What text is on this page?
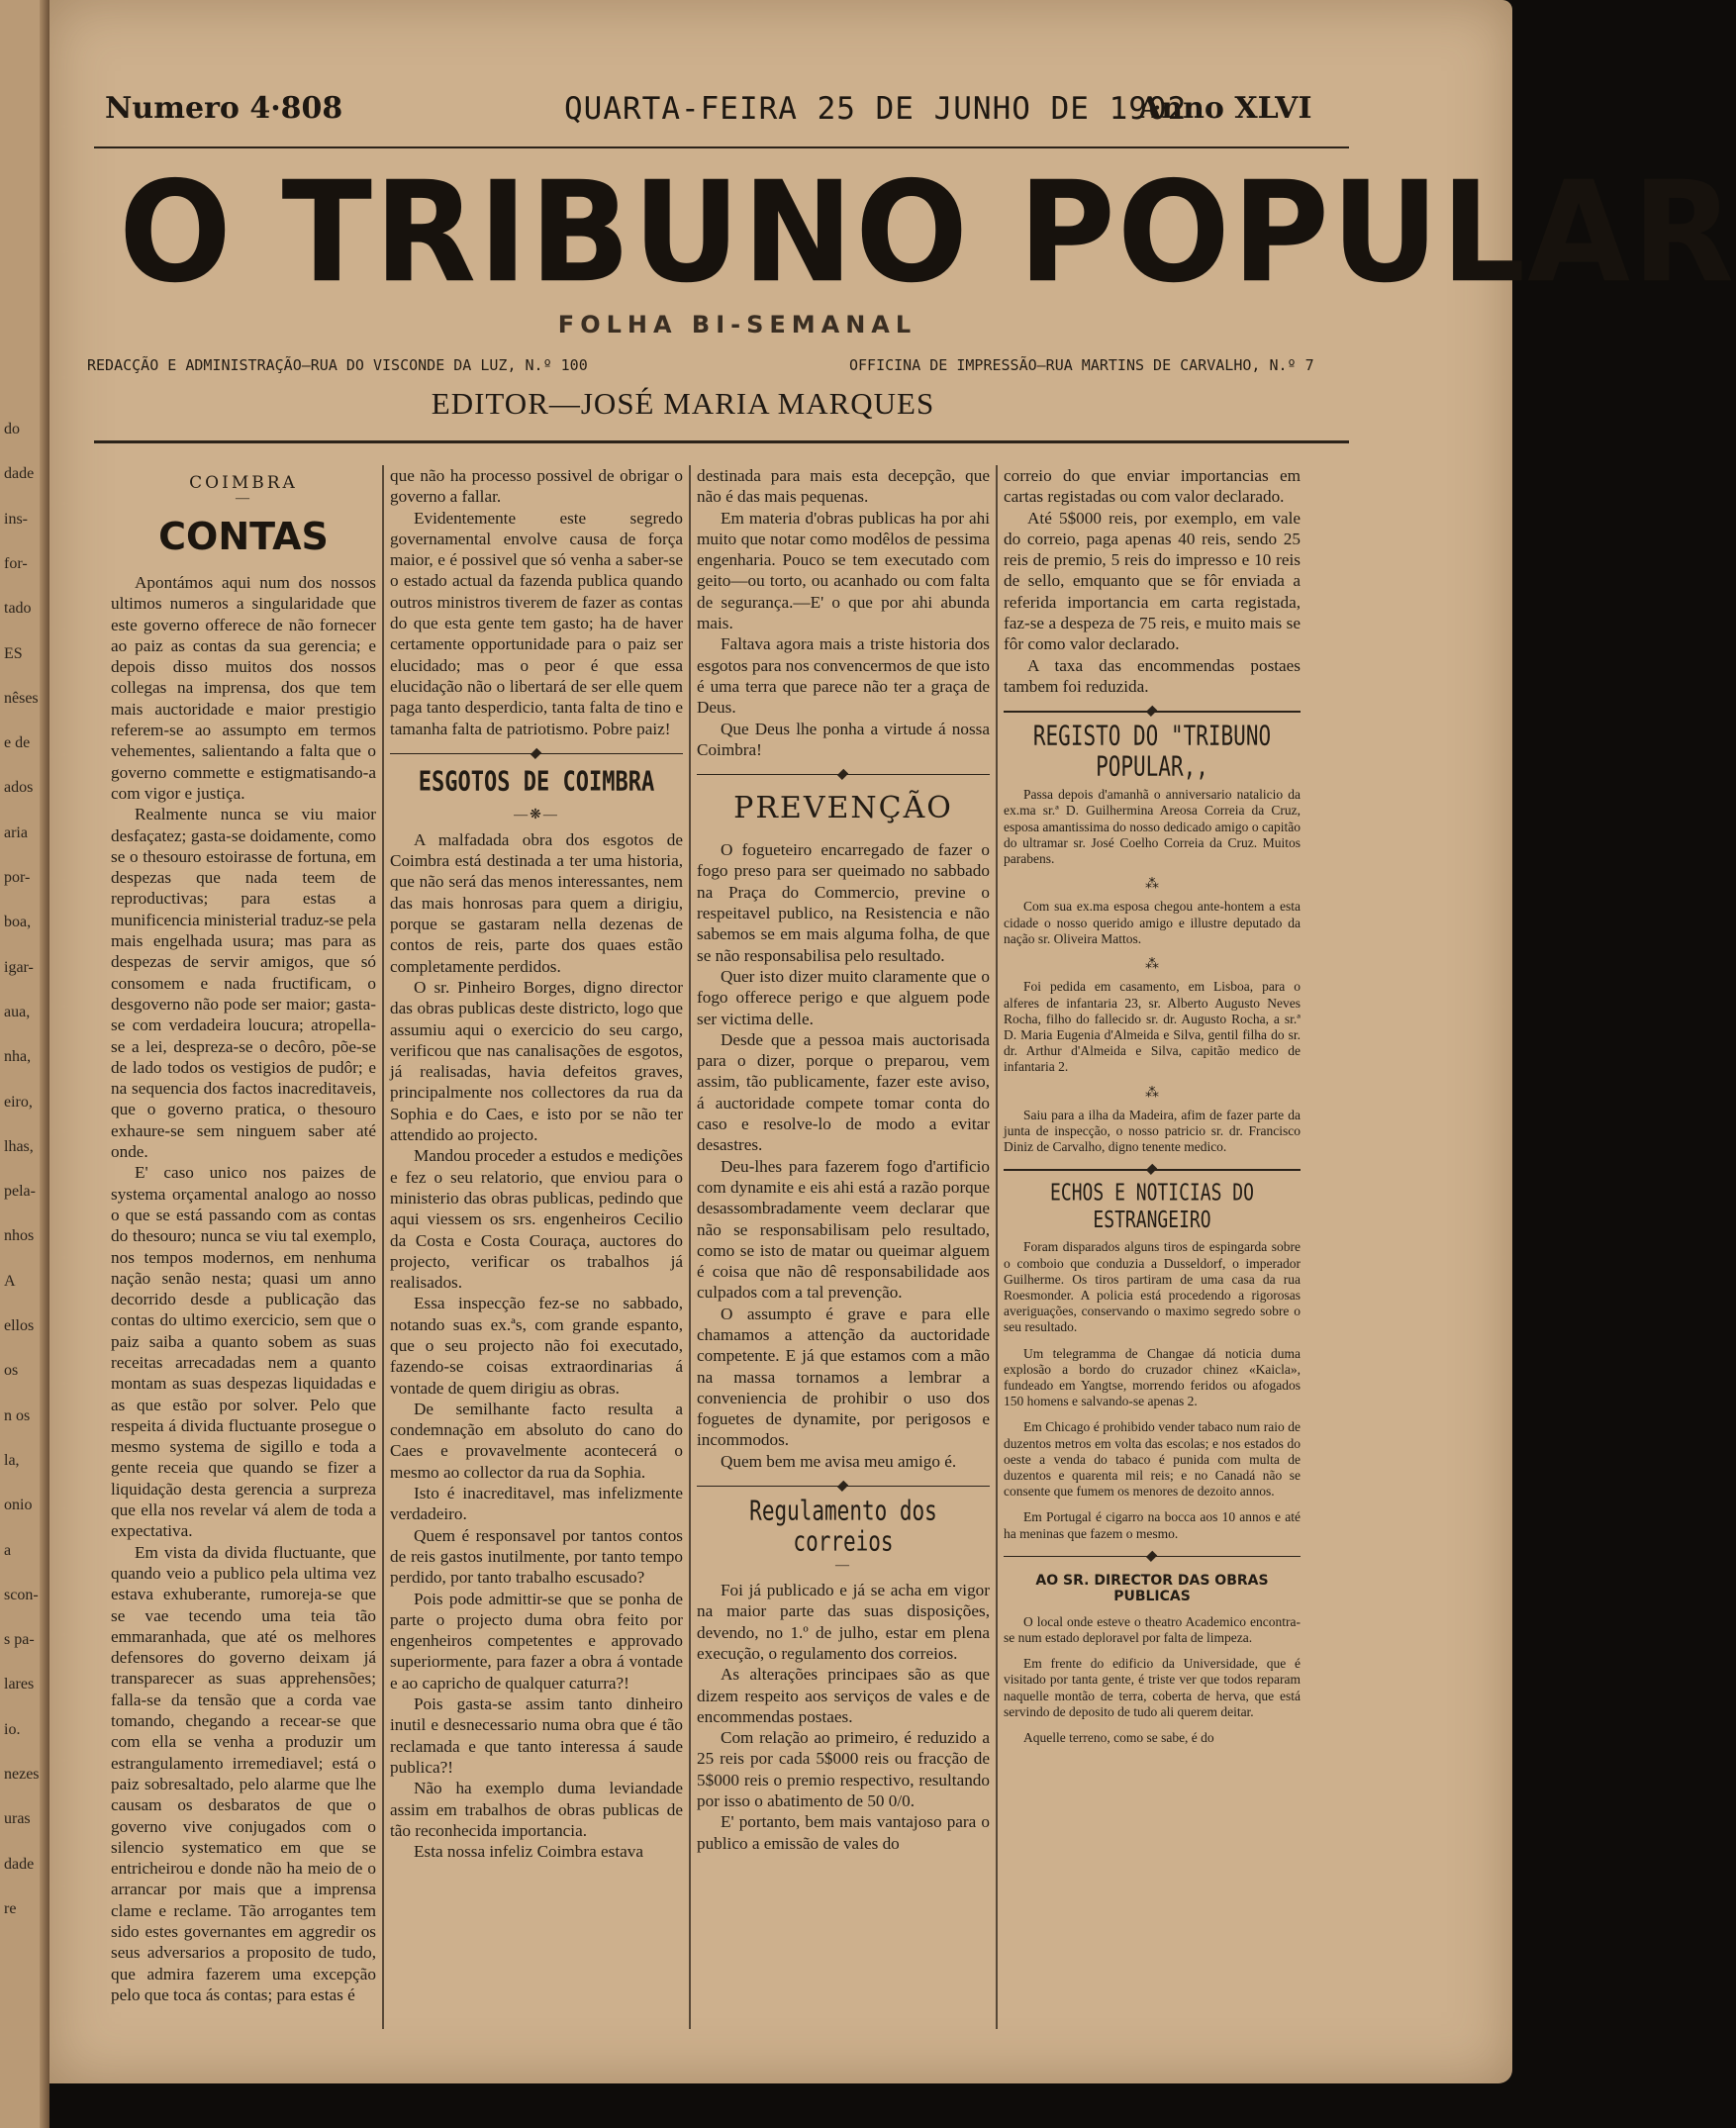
do
dade
ins-
for-
tado
ES
nêses
e de
ados
aria
por-
boa,
igar-
aua,
nha,
eiro,
lhas,
pela-
nhos
A
ellos
os
n os
la,
onio
a
scon-
s pa-
lares
io.
nezes
uras
dade
re
Numero 4·808	QUARTA-FEIRA 25 DE JUNHO DE 1902
Anno XLVI
O TRIBUNO POPULAR
FOLHA BI-SEMANAL
REDACÇÃO E ADMINISTRAÇÃO—RUA DO VISCONDE DA LUZ, N.º 100	OFFICINA DE IMPRESSÃO—RUA MARTINS DE CARVALHO, N.º 7
EDITOR—JOSÉ MARIA MARQUES
COIMBRA
—
CONTAS

Apontámos aqui num dos nossos ultimos numeros a singularidade que este governo offerece de não fornecer ao paiz as contas da sua gerencia; e depois disso muitos dos nossos collegas na imprensa, dos que tem mais auctoridade e maior prestigio referem-se ao assumpto em termos vehementes, salientando a falta que o governo commette e estigmatisando-a com vigor e justiça.

Realmente nunca se viu maior desfaçatez; gasta-se doidamente, como se o thesouro estoirasse de fortuna, em despezas que nada teem de reproductivas; para estas a munificencia ministerial traduz-se pela mais engelhada usura; mas para as despezas de servir amigos, que só consomem e nada fructificam, o desgoverno não pode ser maior; gasta-se com verdadeira loucura; atropella-se a lei, despreza-se o decôro, põe-se de lado todos os vestigios de pudôr; e na sequencia dos factos inacreditaveis, que o governo pratica, o thesouro exhaure-se sem ninguem saber até onde.

E' caso unico nos paizes de systema orçamental analogo ao nosso o que se está passando com as contas do thesouro; nunca se viu tal exemplo, nos tempos modernos, em nenhuma nação senão nesta; quasi um anno decorrido desde a publicação das contas do ultimo exercicio, sem que o paiz saiba a quanto sobem as suas receitas arrecadadas nem a quanto montam as suas despezas liquidadas e as que estão por solver. Pelo que respeita á divida fluctuante prosegue o mesmo systema de sigillo e toda a gente receia que quando se fizer a liquidação desta gerencia a surpreza que ella nos revelar vá alem de toda a expectativa.

Em vista da divida fluctuante, que quando veio a publico pela ultima vez estava exhuberante, rumoreja-se que se vae tecendo uma teia tão emmaranhada, que até os melhores defensores do governo deixam já transparecer as suas apprehensões; falla-se da tensão que a corda vae tomando, chegando a recear-se que com ella se venha a produzir um estrangulamento irremediavel; está o paiz sobresaltado, pelo alarme que lhe causam os desbaratos de que o governo vive conjugados com o silencio systematico em que se entricheirou e donde não ha meio de o arrancar por mais que a imprensa clame e reclame. Tão arrogantes tem sido estes governantes em aggredir os seus adversarios a proposito de tudo, que admira fazerem uma excepção pelo que toca ás contas; para estas é

que não ha processo possivel de obrigar o governo a fallar.

Evidentemente este segredo governamental envolve causa de força maior, e é possivel que só venha a saber-se o estado actual da fazenda publica quando outros ministros tiverem de fazer as contas do que esta gente tem gasto; ha de haver certamente opportunidade para o paiz ser elucidado; mas o peor é que essa elucidação não o libertará de ser elle quem paga tanto desperdicio, tanta falta de tino e tamanha falta de patriotismo. Pobre paiz!

ESGOTOS DE COIMBRA
—❋—

A malfadada obra dos esgotos de Coimbra está destinada a ter uma historia, que não será das menos interessantes, nem das mais honrosas para quem a dirigiu, porque se gastaram nella dezenas de contos de reis, parte dos quaes estão completamente perdidos.

O sr. Pinheiro Borges, digno director das obras publicas deste districto, logo que assumiu aqui o exercicio do seu cargo, verificou que nas canalisações de esgotos, já realisadas, havia defeitos graves, principalmente nos collectores da rua da Sophia e do Caes, e isto por se não ter attendido ao projecto.

Mandou proceder a estudos e medições e fez o seu relatorio, que enviou para o ministerio das obras publicas, pedindo que aqui viessem os srs. engenheiros Cecilio da Costa e Costa Couraça, auctores do projecto, verificar os trabalhos já realisados.

Essa inspecção fez-se no sabbado, notando suas ex.ªs, com grande espanto, que o seu projecto não foi executado, fazendo-se coisas extraordinarias á vontade de quem dirigiu as obras.

De semilhante facto resulta a condemnação em absoluto do cano do Caes e provavelmente acontecerá o mesmo ao collector da rua da Sophia.

Isto é inacreditavel, mas infelizmente verdadeiro.

Quem é responsavel por tantos contos de reis gastos inutilmente, por tanto tempo perdido, por tanto trabalho escusado?

Pois pode admittir-se que se ponha de parte o projecto duma obra feito por engenheiros competentes e approvado superiormente, para fazer a obra á vontade e ao capricho de qualquer caturra?!

Pois gasta-se assim tanto dinheiro inutil e desnecessario numa obra que é tão reclamada e que tanto interessa á saude publica?!

Não ha exemplo duma leviandade assim em trabalhos de obras publicas de tão reconhecida importancia.

Esta nossa infeliz Coimbra estava

destinada para mais esta decepção, que não é das mais pequenas.

Em materia d'obras publicas ha por ahi muito que notar como modêlos de pessima engenharia. Pouco se tem executado com geito—ou torto, ou acanhado ou com falta de segurança.—E' o que por ahi abunda mais.

Faltava agora mais a triste historia dos esgotos para nos convencermos de que isto é uma terra que parece não ter a graça de Deus.

Que Deus lhe ponha a virtude á nossa Coimbra!

PREVENÇÃO

O fogueteiro encarregado de fazer o fogo preso para ser queimado no sabbado na Praça do Commercio, previne o respeitavel publico, na Resistencia e não sabemos se em mais alguma folha, de que se não responsabilisa pelo resultado.

Quer isto dizer muito claramente que o fogo offerece perigo e que alguem pode ser victima delle.

Desde que a pessoa mais auctorisada para o dizer, porque o preparou, vem assim, tão publicamente, fazer este aviso, á auctoridade compete tomar conta do caso e resolve-lo de modo a evitar desastres.

Deu-lhes para fazerem fogo d'artificio com dynamite e eis ahi está a razão porque desassombradamente veem declarar que não se responsabilisam pelo resultado, como se isto de matar ou queimar alguem é coisa que não dê responsabilidade aos culpados com a tal prevenção.

O assumpto é grave e para elle chamamos a attenção da auctoridade competente. E já que estamos com a mão na massa tornamos a lembrar a conveniencia de prohibir o uso dos foguetes de dynamite, por perigosos e incommodos.

Quem bem me avisa meu amigo é.

Regulamento dos correios
—

Foi já publicado e já se acha em vigor na maior parte das suas disposições, devendo, no 1.º de julho, estar em plena execução, o regulamento dos correios.

As alterações principaes são as que dizem respeito aos serviços de vales e de encommendas postaes.

Com relação ao primeiro, é reduzido a 25 reis por cada 5$000 reis ou fracção de 5$000 reis o premio respectivo, resultando por isso o abatimento de 50 0/0.

E' portanto, bem mais vantajoso para o publico a emissão de vales do

correio do que enviar importancias em cartas registadas ou com valor declarado.

Até 5$000 reis, por exemplo, em vale do correio, paga apenas 40 reis, sendo 25 reis de premio, 5 reis do impresso e 10 reis de sello, emquanto que se fôr enviada a referida importancia em carta registada, faz-se a despeza de 75 reis, e muito mais se fôr como valor declarado.

A taxa das encommendas postaes tambem foi reduzida.

REGISTO DO "TRIBUNO POPULAR,,

Passa depois d'amanhã o anniversario natalicio da ex.ma sr.ª D. Guilhermina Areosa Correia da Cruz, esposa amantissima do nosso dedicado amigo o capitão do ultramar sr. José Coelho Correia da Cruz. Muitos parabens.

⁂

Com sua ex.ma esposa chegou ante-hontem a esta cidade o nosso querido amigo e illustre deputado da nação sr. Oliveira Mattos.

⁂

Foi pedida em casamento, em Lisboa, para o alferes de infantaria 23, sr. Alberto Augusto Neves Rocha, filho do fallecido sr. dr. Augusto Rocha, a sr.ª D. Maria Eugenia d'Almeida e Silva, gentil filha do sr. dr. Arthur d'Almeida e Silva, capitão medico de infantaria 2.

⁂

Saiu para a ilha da Madeira, afim de fazer parte da junta de inspecção, o nosso patricio sr. dr. Francisco Diniz de Carvalho, digno tenente medico.

ECHOS E NOTICIAS DO ESTRANGEIRO

Foram disparados alguns tiros de espingarda sobre o comboio que conduzia a Dusseldorf, o imperador Guilherme. Os tiros partiram de uma casa da rua Roesmonder. A policia está procedendo a rigorosas averiguações, conservando o maximo segredo sobre o seu resultado.

Um telegramma de Changae dá noticia duma explosão a bordo do cruzador chinez «Kaicla», fundeado em Yangtse, morrendo feridos ou afogados 150 homens e salvando-se apenas 2.

Em Chicago é prohibido vender tabaco num raio de duzentos metros em volta das escolas; e nos estados do oeste a venda do tabaco é punida com multa de duzentos e quarenta mil reis; e no Canadá não se consente que fumem os menores de dezoito annos.

Em Portugal é cigarro na bocca aos 10 annos e até ha meninas que fazem o mesmo.

AO SR. DIRECTOR DAS OBRAS PUBLICAS

O local onde esteve o theatro Academico encontra-se num estado deploravel por falta de limpeza.

Em frente do edificio da Universidade, que é visitado por tanta gente, é triste ver que todos reparam naquelle montão de terra, coberta de herva, que está servindo de deposito de tudo ali querem deitar.

Aquelle terreno, como se sabe, é do
